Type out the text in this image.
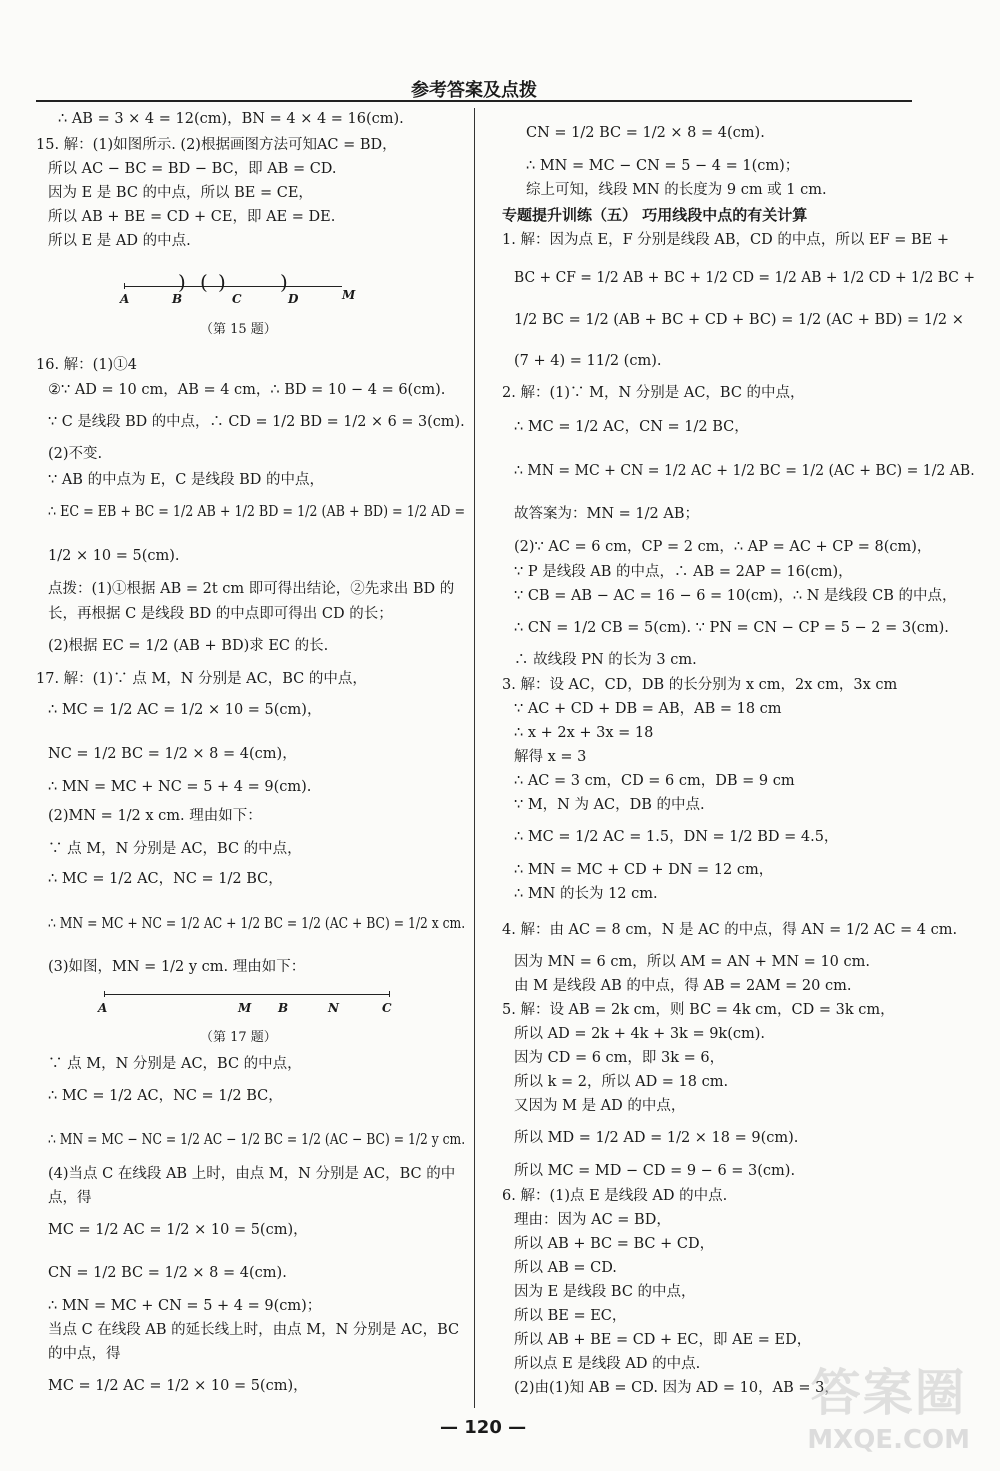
参考答案及点拨
∴ AB = 3 × 4 = 12(cm)，BN = 4 × 4 = 16(cm).
15. 解：(1)如图所示. (2)根据画图方法可知AC = BD，
所以 AC − BC = BD − BC，即 AB = CD.
因为 E 是 BC 的中点，所以 BE = CE，
所以 AB + BE = CD + CE，即 AE = DE.
所以 E 是 AD 的中点.
16. 解：(1)①4
②∵ AD = 10 cm，AB = 4 cm，∴ BD = 10 − 4 = 6(cm).
∵ C 是线段 BD 的中点，∴ CD = 1/2 BD = 1/2 × 6 = 3(cm).
(2)不变.
∵ AB 的中点为 E，C 是线段 BD 的中点，
∴ EC = EB + BC = 1/2 AB + 1/2 BD = 1/2 (AB + BD) = 1/2 AD =
1/2 × 10 = 5(cm).
点拨：(1)①根据 AB = 2t cm 即可得出结论，②先求出 BD 的
长，再根据 C 是线段 BD 的中点即可得出 CD 的长；
(2)根据 EC = 1/2 (AB + BD)求 EC 的长.
17. 解：(1)∵ 点 M，N 分别是 AC，BC 的中点，
∴ MC = 1/2 AC = 1/2 × 10 = 5(cm)，
NC = 1/2 BC = 1/2 × 8 = 4(cm)，
∴ MN = MC + NC = 5 + 4 = 9(cm).
(2)MN = 1/2 x cm. 理由如下：
∵ 点 M，N 分别是 AC，BC 的中点，
∴ MC = 1/2 AC，NC = 1/2 BC，
∴ MN = MC + NC = 1/2 AC + 1/2 BC = 1/2 (AC + BC) = 1/2 x cm.
(3)如图，MN = 1/2 y cm. 理由如下：
∵ 点 M，N 分别是 AC，BC 的中点，
∴ MC = 1/2 AC，NC = 1/2 BC，
∴ MN = MC − NC = 1/2 AC − 1/2 BC = 1/2 (AC − BC) = 1/2 y cm.
(4)当点 C 在线段 AB 上时，由点 M，N 分别是 AC，BC 的中
点，得
MC = 1/2 AC = 1/2 × 10 = 5(cm)，
CN = 1/2 BC = 1/2 × 8 = 4(cm).
∴ MN = MC + CN = 5 + 4 = 9(cm)；
当点 C 在线段 AB 的延长线上时，由点 M，N 分别是 AC，BC
的中点，得
MC = 1/2 AC = 1/2 × 10 = 5(cm)，
CN = 1/2 BC = 1/2 × 8 = 4(cm).
∴ MN = MC − CN = 5 − 4 = 1(cm)；
综上可知，线段 MN 的长度为 9 cm 或 1 cm.
专题提升训练（五） 巧用线段中点的有关计算
1. 解：因为点 E，F 分别是线段 AB，CD 的中点，所以 EF = BE +
BC + CF = 1/2 AB + BC + 1/2 CD = 1/2 AB + 1/2 CD + 1/2 BC +
1/2 BC = 1/2 (AB + BC + CD + BC) = 1/2 (AC + BD) = 1/2 ×
(7 + 4) = 11/2 (cm).
2. 解：(1)∵ M，N 分别是 AC，BC 的中点，
∴ MC = 1/2 AC，CN = 1/2 BC，
∴ MN = MC + CN = 1/2 AC + 1/2 BC = 1/2 (AC + BC) = 1/2 AB.
故答案为：MN = 1/2 AB；
(2)∵ AC = 6 cm，CP = 2 cm，∴ AP = AC + CP = 8(cm)，
∵ P 是线段 AB 的中点，∴ AB = 2AP = 16(cm)，
∵ CB = AB − AC = 16 − 6 = 10(cm)，∴ N 是线段 CB 的中点，
∴ CN = 1/2 CB = 5(cm). ∵ PN = CN − CP = 5 − 2 = 3(cm).
∴ 故线段 PN 的长为 3 cm.
3. 解：设 AC，CD，DB 的长分别为 x cm，2x cm，3x cm
∵ AC + CD + DB = AB，AB = 18 cm
∴ x + 2x + 3x = 18
解得 x = 3
∴ AC = 3 cm，CD = 6 cm，DB = 9 cm
∵ M，N 为 AC，DB 的中点.
∴ MC = 1/2 AC = 1.5，DN = 1/2 BD = 4.5，
∴ MN = MC + CD + DN = 12 cm，
∴ MN 的长为 12 cm.
4. 解：由 AC = 8 cm，N 是 AC 的中点，得 AN = 1/2 AC = 4 cm.
因为 MN = 6 cm，所以 AM = AN + MN = 10 cm.
由 M 是线段 AB 的中点，得 AB = 2AM = 20 cm.
5. 解：设 AB = 2k cm，则 BC = 4k cm，CD = 3k cm，
所以 AD = 2k + 4k + 3k = 9k(cm).
因为 CD = 6 cm，即 3k = 6，
所以 k = 2，所以 AD = 18 cm.
又因为 M 是 AD 的中点，
所以 MD = 1/2 AD = 1/2 × 18 = 9(cm).
所以 MC = MD − CD = 9 − 6 = 3(cm).
6. 解：(1)点 E 是线段 AD 的中点.
理由：因为 AC = BD，
所以 AB + BC = BC + CD，
所以 AB = CD.
因为 E 是线段 BC 的中点，
所以 BE = EC，
所以 AB + BE = CD + EC，即 AE = ED，
所以点 E 是线段 AD 的中点.
(2)由(1)知 AB = CD. 因为 AD = 10，AB = 3，
) ( )	)
A	B	C	D	M
（第 15 题）
A	M B	N	C
（第 17 题）
— 120 —
答案圈
MXQE.COM
